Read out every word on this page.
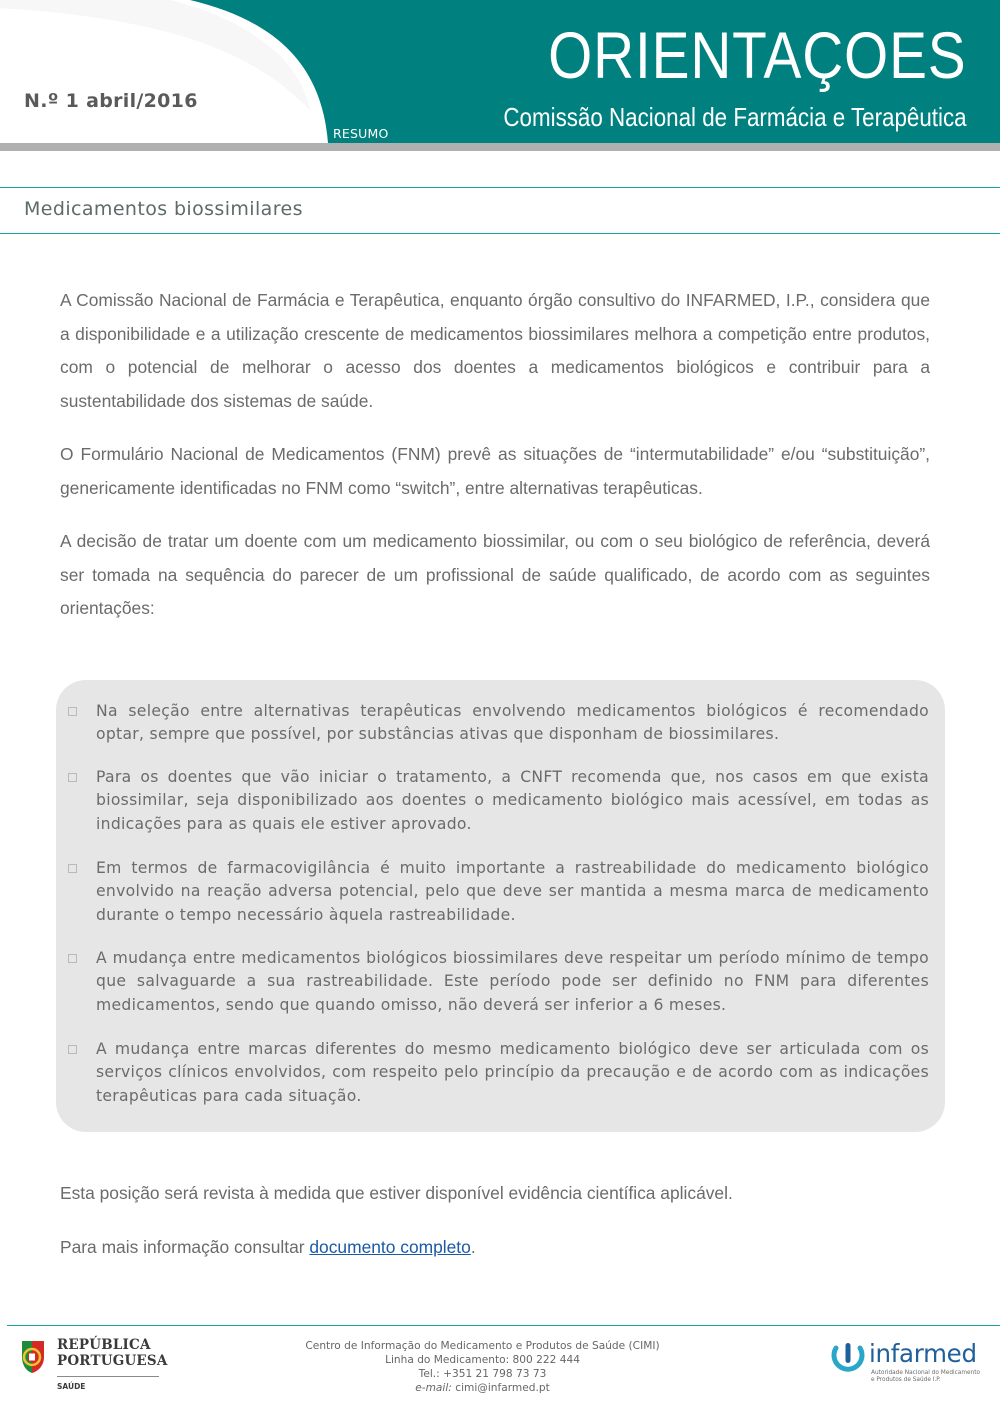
N.º 1 abril/2016
RESUMO
ORIENTAÇOES
Comissão Nacional de Farmácia e Terapêutica
Medicamentos biossimilares

A Comissão Nacional de Farmácia e Terapêutica, enquanto órgão consultivo do INFARMED, I.P., considera que a disponibilidade e a utilização crescente de medicamentos biossimilares melhora a competição entre produtos, com o potencial de melhorar o acesso dos doentes a medicamentos biológicos e contribuir para a sustentabilidade dos sistemas de saúde.

O Formulário Nacional de Medicamentos (FNM) prevê as situações de “intermutabilidade” e/ou “substituição”, genericamente identificadas no FNM como “switch”, entre alternativas terapêuticas.

A decisão de tratar um doente com um medicamento biossimilar, ou com o seu biológico de referência, deverá ser tomada na sequência do parecer de um profissional de saúde qualificado, de acordo com as seguintes orientações:

Na seleção entre alternativas terapêuticas envolvendo medicamentos biológicos é recomendado optar, sempre que possível, por substâncias ativas que disponham de biossimilares.

Para os doentes que vão iniciar o tratamento, a CNFT recomenda que, nos casos em que exista biossimilar, seja disponibilizado aos doentes o medicamento biológico mais acessível, em todas as indicações para as quais ele estiver aprovado.

Em termos de farmacovigilância é muito importante a rastreabilidade do medicamento biológico envolvido na reação adversa potencial, pelo que deve ser mantida a mesma marca de medicamento durante o tempo necessário àquela rastreabilidade.

A mudança entre medicamentos biológicos biossimilares deve respeitar um período mínimo de tempo que salvaguarde a sua rastreabilidade. Este período pode ser definido no FNM para diferentes medicamentos, sendo que quando omisso, não deverá ser inferior a 6 meses.

A mudança entre marcas diferentes do mesmo medicamento biológico deve ser articulada com os serviços clínicos envolvidos, com respeito pelo princípio da precaução e de acordo com as indicações terapêuticas para cada situação.

Esta posição será revista à medida que estiver disponível evidência científica aplicável.

Para mais informação consultar documento completo.

REPÚBLICA
PORTUGUESA
SAÚDE
Centro de Informação do Medicamento e Produtos de Saúde (CIMI)
Linha do Medicamento: 800 222 444
Tel.: +351 21 798 73 73
e-mail: cimi@infarmed.pt
infarmed
Autoridade Nacional do Medicamento e Produtos de Saúde I.P.
